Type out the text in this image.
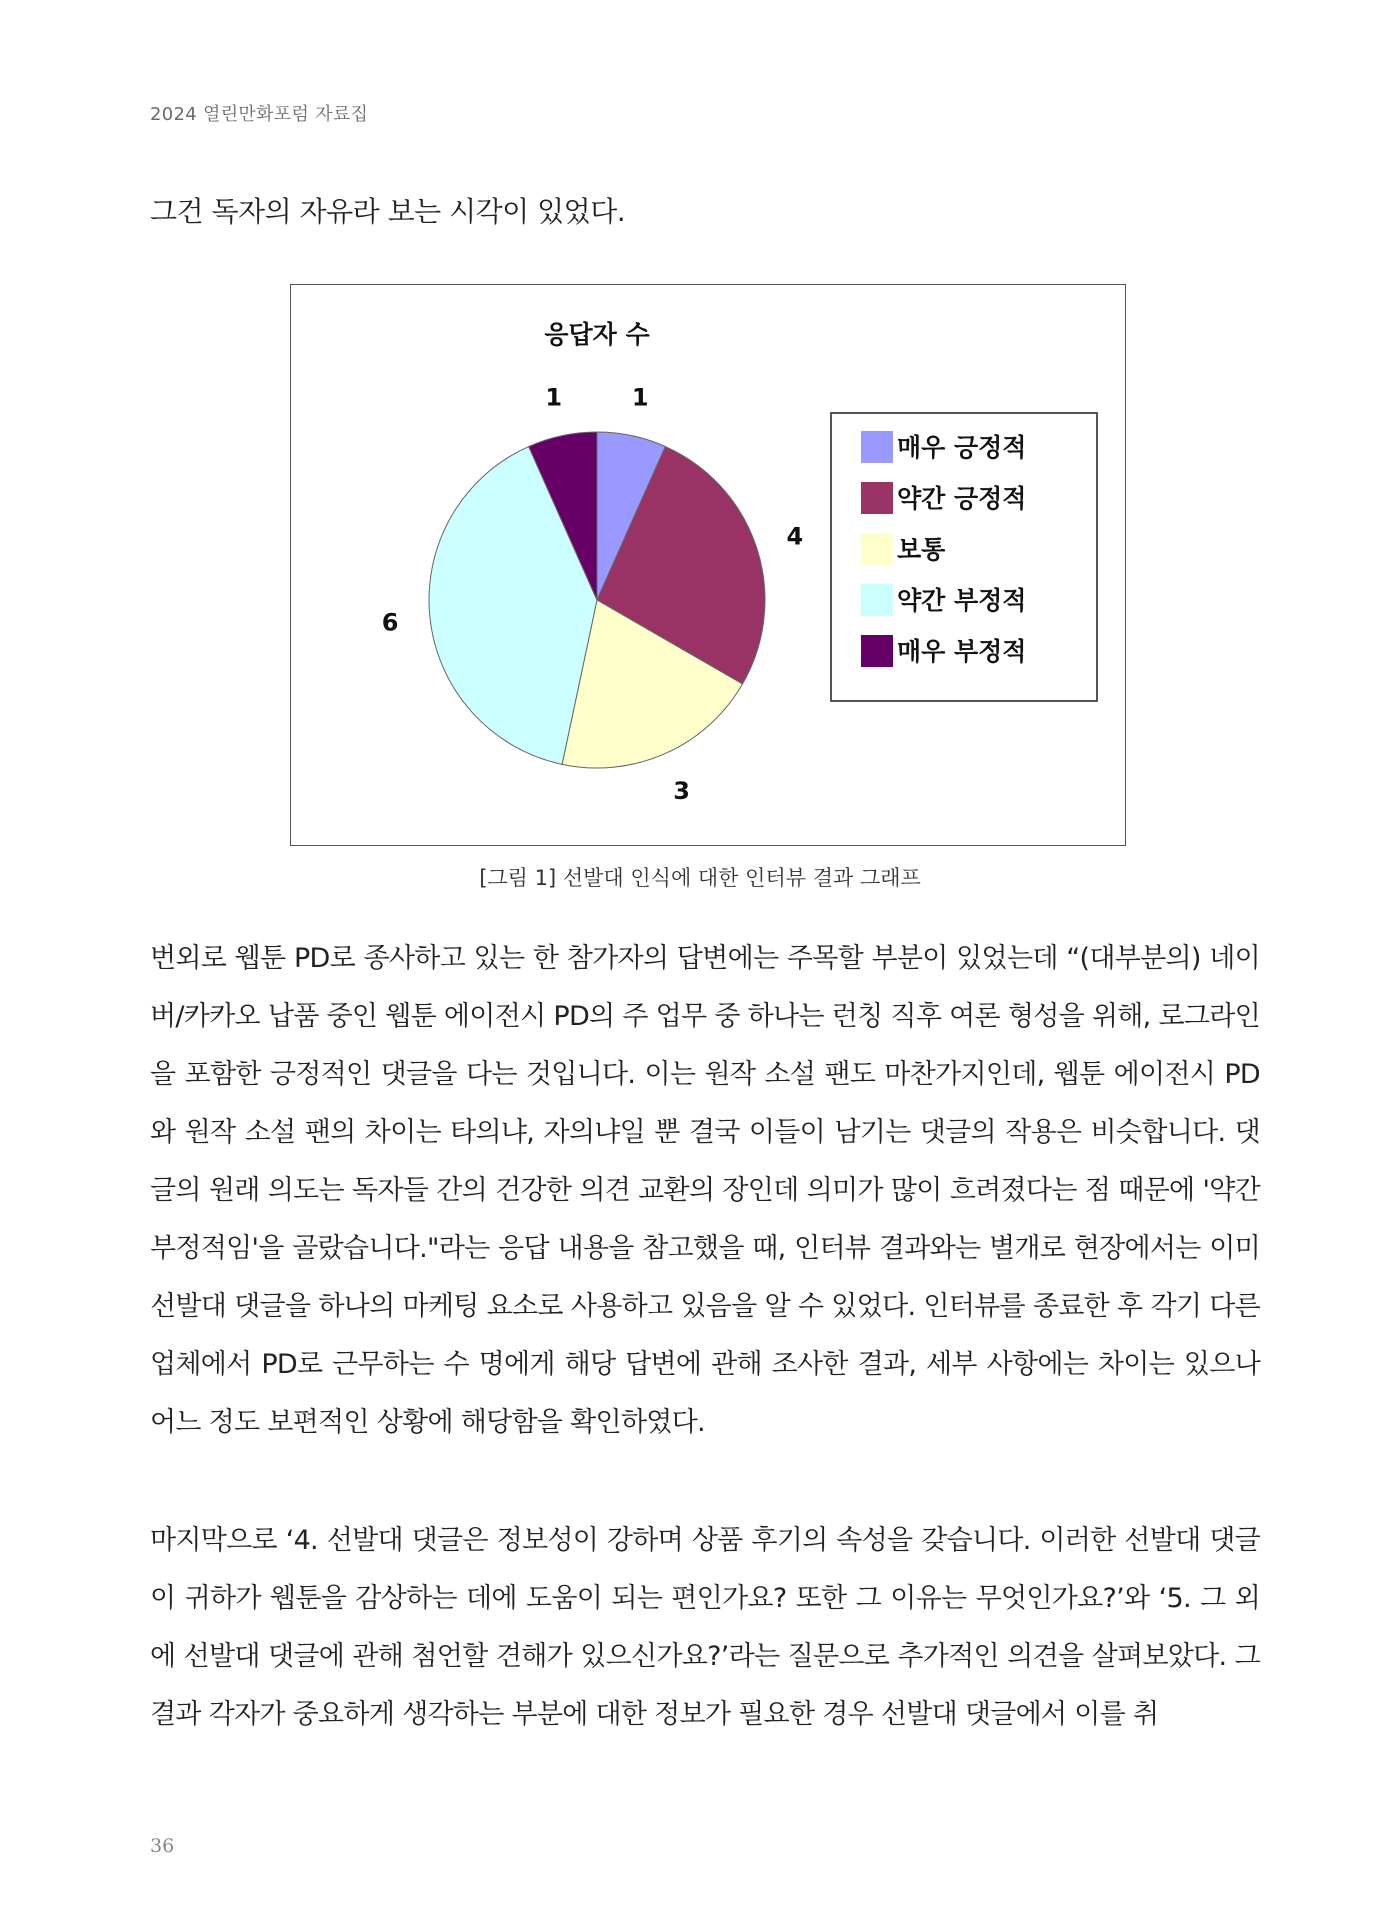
2024 열린만화포럼 자료집
그건 독자의 자유라 보는 시각이 있었다.
응답자 수
1
4
3
6
1
매우 긍정적
약간 긍정적
보통
약간 부정적
매우 부정적
[그림 1] 선발대 인식에 대한 인터뷰 결과 그래프
번외로 웹툰 PD로 종사하고 있는 한 참가자의 답변에는 주목할 부분이 있었는데 “(대부분의) 네이버/카카오 납품 중인 웹툰 에이전시 PD의 주 업무 중 하나는 런칭 직후 여론 형성을 위해, 로그라인을 포함한 긍정적인 댓글을 다는 것입니다. 이는 원작 소설 팬도 마찬가지인데, 웹툰 에이전시 PD와 원작 소설 팬의 차이는 타의냐, 자의냐일 뿐 결국 이들이 남기는 댓글의 작용은 비슷합니다. 댓글의 원래 의도는 독자들 간의 건강한 의견 교환의 장인데 의미가 많이 흐려졌다는 점 때문에 '약간 부정적임'을 골랐습니다."라는 응답 내용을 참고했을 때, 인터뷰 결과와는 별개로 현장에서는 이미 선발대 댓글을 하나의 마케팅 요소로 사용하고 있음을 알 수 있었다. 인터뷰를 종료한 후 각기 다른 업체에서 PD로 근무하는 수 명에게 해당 답변에 관해 조사한 결과, 세부 사항에는 차이는 있으나 어느 정도 보편적인 상황에 해당함을 확인하였다.
마지막으로 ‘4. 선발대 댓글은 정보성이 강하며 상품 후기의 속성을 갖습니다. 이러한 선발대 댓글이 귀하가 웹툰을 감상하는 데에 도움이 되는 편인가요? 또한 그 이유는 무엇인가요?’와 ‘5. 그 외에 선발대 댓글에 관해 첨언할 견해가 있으신가요?’라는 질문으로 추가적인 의견을 살펴보았다. 그 결과 각자가 중요하게 생각하는 부분에 대한 정보가 필요한 경우 선발대 댓글에서 이를 취
36
